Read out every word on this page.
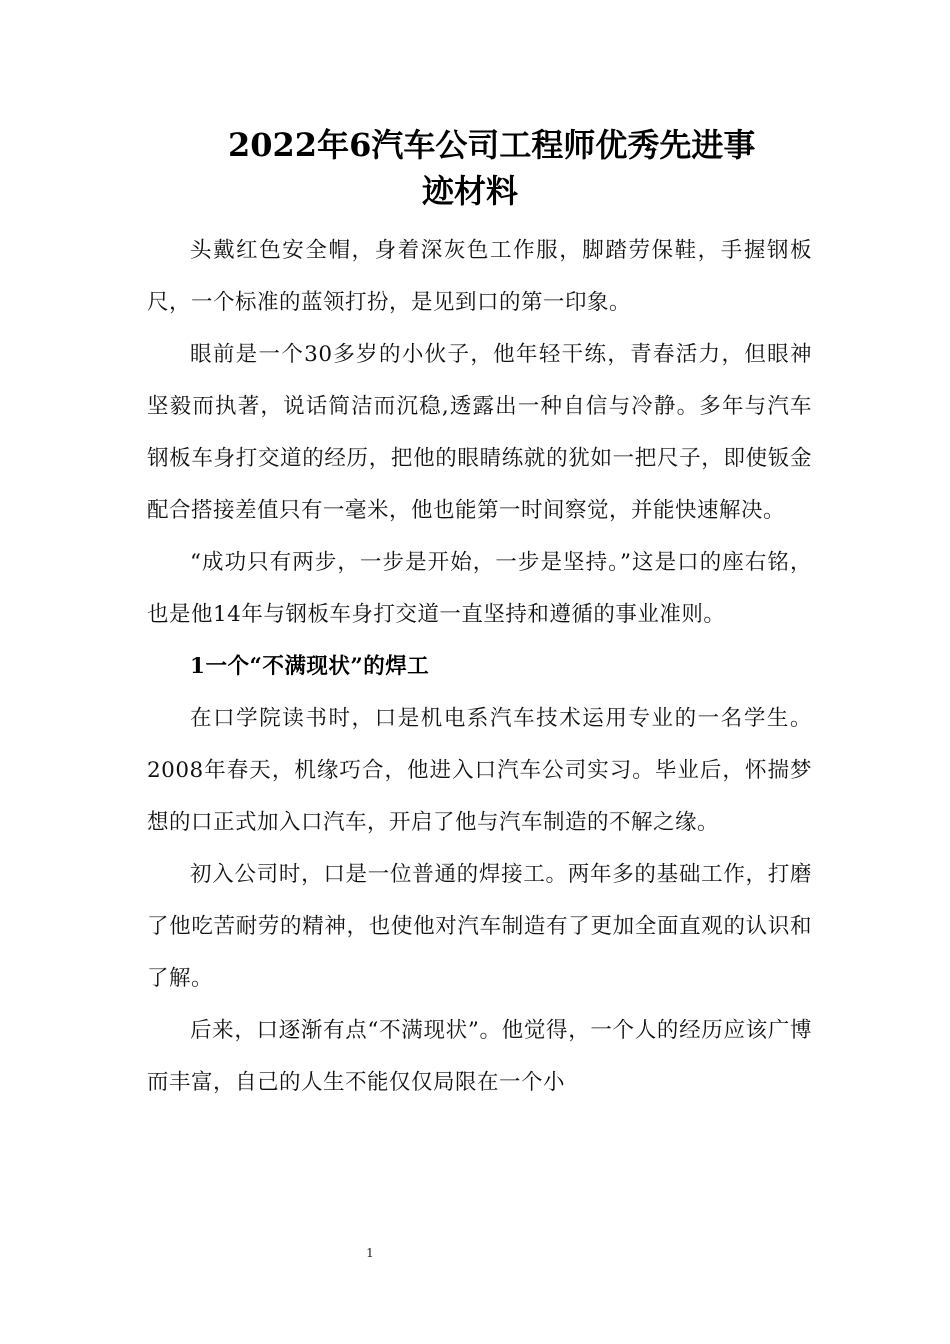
2022年6汽车公司工程师优秀先进事
迹材料

头戴红色安全帽，身着深灰色工作服，脚踏劳保鞋，手握钢板尺，一个标准的蓝领打扮，是见到口的第一印象。

眼前是一个30多岁的小伙子，他年轻干练，青春活力，但眼神坚毅而执著，说话简洁而沉稳,透露出一种自信与冷静。多年与汽车钢板车身打交道的经历，把他的眼睛练就的犹如一把尺子，即使钣金配合搭接差值只有一毫米，他也能第一时间察觉，并能快速解决。

“成功只有两步，一步是开始，一步是坚持。”这是口的座右铭，也是他14年与钢板车身打交道一直坚持和遵循的事业准则。

1一个“不满现状”的焊工

在口学院读书时，口是机电系汽车技术运用专业的一名学生。2008年春天，机缘巧合，他进入口汽车公司实习。毕业后，怀揣梦想的口正式加入口汽车，开启了他与汽车制造的不解之缘。

初入公司时，口是一位普通的焊接工。两年多的基础工作，打磨了他吃苦耐劳的精神，也使他对汽车制造有了更加全面直观的认识和了解。

后来，口逐渐有点“不满现状”。他觉得，一个人的经历应该广博而丰富，自己的人生不能仅仅局限在一个小

1
